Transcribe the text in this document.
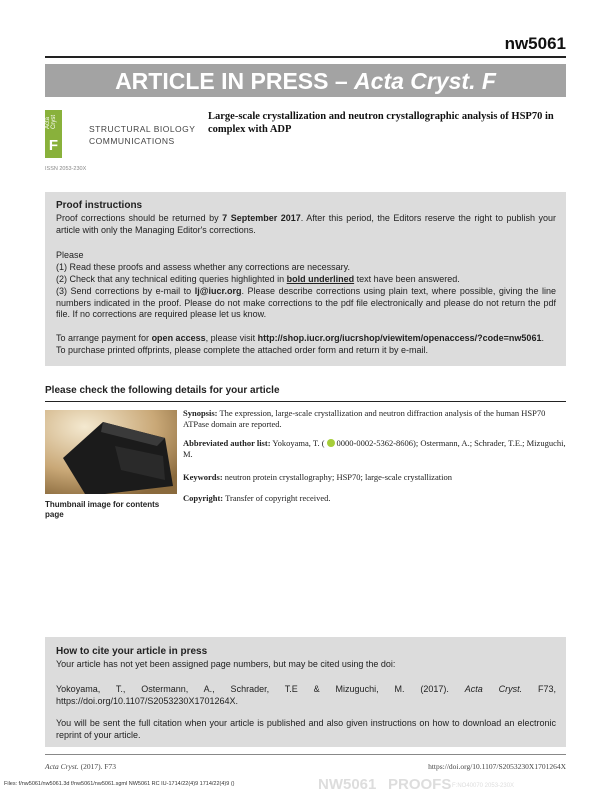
nw5061
ARTICLE IN PRESS – Acta Cryst. F
Acta Cryst
F
STRUCTURAL BIOLOGY
COMMUNICATIONS
ISSN 2053-230X
Large-scale crystallization and neutron crystallographic analysis of HSP70 in complex with ADP
Proof instructions
Proof corrections should be returned by 7 September 2017. After this period, the Editors reserve the right to publish your article with only the Managing Editor's corrections.
Please
(1) Read these proofs and assess whether any corrections are necessary.
(2) Check that any technical editing queries highlighted in bold underlined text have been answered.
(3) Send corrections by e-mail to lj@iucr.org. Please describe corrections using plain text, where possible, giving the line numbers indicated in the proof. Please do not make corrections to the pdf file electronically and please do not return the pdf file. If no corrections are required please let us know.
To arrange payment for open access, please visit http://shop.iucr.org/iucrshop/viewitem/openaccess/?code=nw5061.
To purchase printed offprints, please complete the attached order form and return it by e-mail.
Please check the following details for your article
Thumbnail image for contents page
Synopsis: The expression, large-scale crystallization and neutron diffraction analysis of the human HSP70 ATPase domain are reported.
Abbreviated author list: Yokoyama, T. ( 0000-0002-5362-8606); Ostermann, A.; Schrader, T.E.; Mizuguchi, M.
Keywords: neutron protein crystallography; HSP70; large-scale crystallization
Copyright: Transfer of copyright received.
How to cite your article in press
Your article has not yet been assigned page numbers, but may be cited using the doi:
Yokoyama, T., Ostermann, A., Schrader, T.E & Mizuguchi, M. (2017). Acta Cryst. F73, https://doi.org/10.1107/S2053230X1701264X.
You will be sent the full citation when your article is published and also given instructions on how to download an electronic reprint of your article.
Acta Cryst. (2017). F73	https://doi.org/10.1107/S2053230X1701264X
Files: f/nw5061/nw5061.3d f/nw5061/nw5061.sgml NW5061 RC IU-1714/22(4)9 1714/22(4)9 ()	NW5061 PROOFS F:NO40070 2053-230X
